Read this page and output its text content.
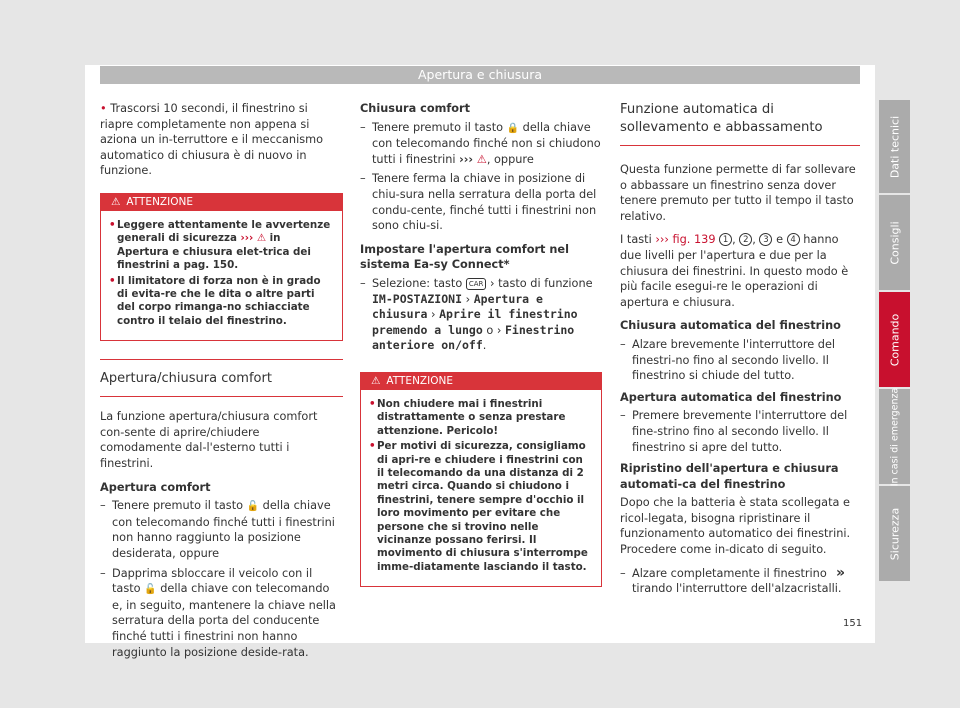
Apertura e chiusura

• Trascorsi 10 secondi, il finestrino si riapre completamente non appena si aziona un in-terruttore e il meccanismo automatico di chiusura è di nuovo in funzione.

⚠ ATTENZIONE
• Leggere attentamente le avvertenze generali di sicurezza ››› ⚠ in Apertura e chiusura elet-trica dei finestrini a pag. 150.
• Il limitatore di forza non è in grado di evita-re che le dita o altre parti del corpo rimanga-no schiacciate contro il telaio del finestrino.
Apertura/chiusura comfort

La funzione apertura/chiusura comfort con-sente di aprire/chiudere comodamente dal-l'esterno tutti i finestrini.

Apertura comfort

– Tenere premuto il tasto 🔓 della chiave con telecomando finché tutti i finestrini non hanno raggiunto la posizione desiderata, oppure
– Dapprima sbloccare il veicolo con il tasto 🔓 della chiave con telecomando e, in seguito, mantenere la chiave nella serratura della porta del conducente finché tutti i finestrini non hanno raggiunto la posizione deside-rata.

Chiusura comfort

– Tenere premuto il tasto 🔒 della chiave con telecomando finché non si chiudono tutti i finestrini ››› ⚠, oppure
– Tenere ferma la chiave in posizione di chiu-sura nella serratura della porta del condu-cente, finché tutti i finestrini non sono chiu-si.

Impostare l'apertura comfort nel sistema Ea-sy Connect*

– Selezione: tasto CAR › tasto di funzione IM-POSTAZIONI › Apertura e chiusura › Aprire il finestrino premendo a lungo o › Finestrino anteriore on/off.
⚠ ATTENZIONE
• Non chiudere mai i finestrini distrattamente o senza prestare attenzione. Pericolo!
• Per motivi di sicurezza, consigliamo di apri-re e chiudere i finestrini con il telecomando da una distanza di 2 metri circa. Quando si chiudono i finestrini, tenere sempre d'occhio il loro movimento per evitare che persone che si trovino nelle vicinanze possano ferirsi. Il movimento di chiusura s'interrompe imme-diatamente lasciando il tasto.
Funzione automatica di sollevamento e abbassamento

Questa funzione permette di far sollevare o abbassare un finestrino senza dover tenere premuto per tutto il tempo il tasto relativo.

I tasti ››› fig. 139 1 , 2 , 3 e 4 hanno due livelli per l'apertura e due per la chiusura dei finestrini. In questo modo è più facile esegui-re le operazioni di apertura e chiusura.

Chiusura automatica del finestrino

– Alzare brevemente l'interruttore del finestri-no fino al secondo livello. Il finestrino si chiude del tutto.

Apertura automatica del finestrino

– Premere brevemente l'interruttore del fine-strino fino al secondo livello. Il finestrino si apre del tutto.

Ripristino dell'apertura e chiusura automati-ca del finestrino

Dopo che la batteria è stata scollegata e ricol-legata, bisogna ripristinare il funzionamento automatico dei finestrini. Procedere come in-dicato di seguito.

– Alzare completamente il finestrino tirando l'interruttore dell'alzacristalli.
»
Dati tecnici
Consigli
Comando
In casi di emergenza
Sicurezza
151
